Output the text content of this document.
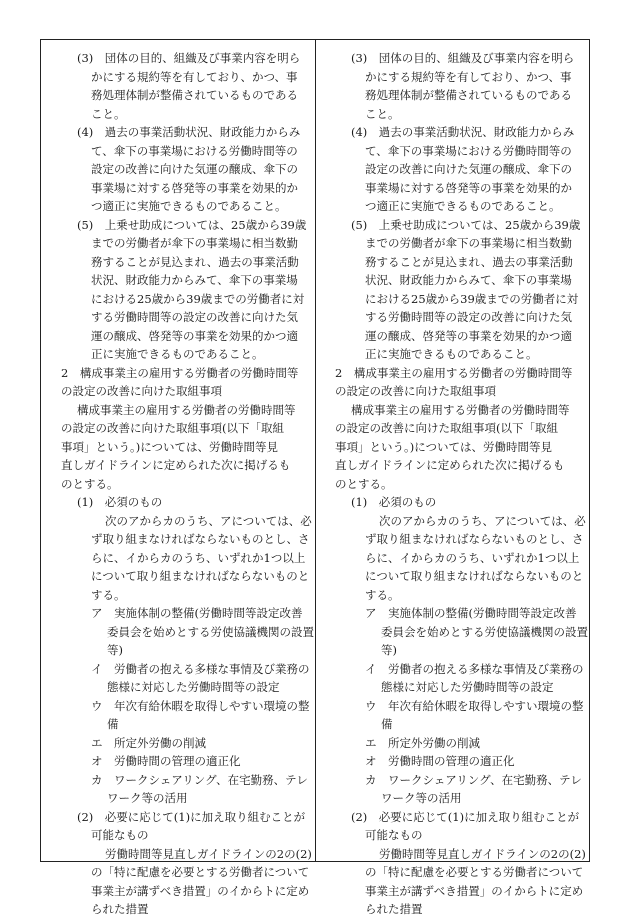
(3)　団体の目的、組織及び事業内容を明ら
かにする規約等を有しており、かつ、事
務処理体制が整備されているものである
こと。
(4)　過去の事業活動状況、財政能力からみ
て、傘下の事業場における労働時間等の
設定の改善に向けた気運の醸成、傘下の
事業場に対する啓発等の事業を効果的か
つ適正に実施できるものであること。
(5)　上乗せ助成については、25歳から39歳
までの労働者が傘下の事業場に相当数勤
務することが見込まれ、過去の事業活動
状況、財政能力からみて、傘下の事業場
における25歳から39歳までの労働者に対
する労働時間等の設定の改善に向けた気
運の醸成、啓発等の事業を効果的かつ適
正に実施できるものであること。
2　構成事業主の雇用する労働者の労働時間等
の設定の改善に向けた取組事項
構成事業主の雇用する労働者の労働時間等
の設定の改善に向けた取組事項(以下「取組
事項」という。)については、労働時間等見
直しガイドラインに定められた次に掲げるも
のとする。
(1)　必須のもの
次のアからカのうち、アについては、必
ず取り組まなければならないものとし、さ
らに、イからカのうち、いずれか1つ以上
について取り組まなければならないものと
する。
ア　実施体制の整備(労働時間等設定改善
委員会を始めとする労使協議機関の設置
等)
イ　労働者の抱える多様な事情及び業務の
態様に対応した労働時間等の設定
ウ　年次有給休暇を取得しやすい環境の整
備
エ　所定外労働の削減
オ　労働時間の管理の適正化
カ　ワークシェアリング、在宅勤務、テレ
ワーク等の活用
(2)　必要に応じて(1)に加え取り組むことが
可能なもの
労働時間等見直しガイドラインの2の(2)
の「特に配慮を必要とする労働者について
事業主が講ずべき措置」のイからトに定め
られた措置
(3)　団体の目的、組織及び事業内容を明ら
かにする規約等を有しており、かつ、事
務処理体制が整備されているものである
こと。
(4)　過去の事業活動状況、財政能力からみ
て、傘下の事業場における労働時間等の
設定の改善に向けた気運の醸成、傘下の
事業場に対する啓発等の事業を効果的か
つ適正に実施できるものであること。
(5)　上乗せ助成については、25歳から39歳
までの労働者が傘下の事業場に相当数勤
務することが見込まれ、過去の事業活動
状況、財政能力からみて、傘下の事業場
における25歳から39歳までの労働者に対
する労働時間等の設定の改善に向けた気
運の醸成、啓発等の事業を効果的かつ適
正に実施できるものであること。
2　構成事業主の雇用する労働者の労働時間等
の設定の改善に向けた取組事項
構成事業主の雇用する労働者の労働時間等
の設定の改善に向けた取組事項(以下「取組
事項」という。)については、労働時間等見
直しガイドラインに定められた次に掲げるも
のとする。
(1)　必須のもの
次のアからカのうち、アについては、必
ず取り組まなければならないものとし、さ
らに、イからカのうち、いずれか1つ以上
について取り組まなければならないものと
する。
ア　実施体制の整備(労働時間等設定改善
委員会を始めとする労使協議機関の設置
等)
イ　労働者の抱える多様な事情及び業務の
態様に対応した労働時間等の設定
ウ　年次有給休暇を取得しやすい環境の整
備
エ　所定外労働の削減
オ　労働時間の管理の適正化
カ　ワークシェアリング、在宅勤務、テレ
ワーク等の活用
(2)　必要に応じて(1)に加え取り組むことが
可能なもの
労働時間等見直しガイドラインの2の(2)
の「特に配慮を必要とする労働者について
事業主が講ずべき措置」のイからトに定め
られた措置
